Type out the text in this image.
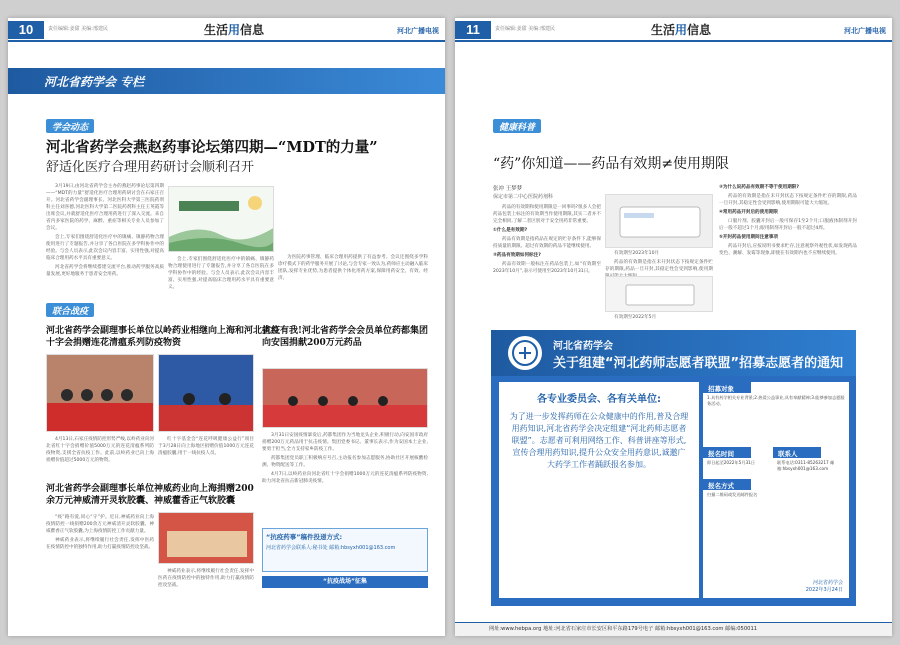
10	责任编辑:姜甜 美编:邢建民	生活用信息	河北广播电视
河北省药学会 专栏
学会动态
河北省药学会燕赵药事论坛第四期—“MDT的力量”
舒适化医疗合理用药研讨会顺利召开

3月19日,由河北省药学会主办的燕赵药事论坛第四期——“MDT的力量”舒适化医疗合理用药研讨会在石家庄召开。河北省药学会副理事长、河北医科大学第三医院药剂科主任刘喜德,河北医科大学第二医院药剂科主任王英霞等出席会议,并就舒适化医疗合理用药进行了深入交流。来自省内多家医院的药学、麻醉、重症等相关专业人员参加了会议。

会上,专家们围绕舒适化医疗中的镇痛、镇静药物合理使用进行了专题报告,并分享了各自医院在多学科协作中的经验。与会人员表示,此次会议内容丰富、实用性强,对提高临床合理用药水平具有重要意义。

河北省药学会将继续搭建交流平台,推动药学服务高质量发展,更好地服务于患者安全用药。

会上,专家们围绕舒适化医疗中的镇痛、镇静药物合理使用进行了专题报告,并分享了各自医院在多学科协作中的经验。与会人员表示,此次会议内容丰富、实用性强,对提高临床合理用药水平具有重要意义。

为医院药事管理、临床合理用药提供了有益参考。会议还围绕多学科诊疗模式下的药学服务开展了讨论,与会专家一致认为,药师应主动融入临床团队,发挥专业优势,为患者提供个体化用药方案,保障用药安全、有效、经济。

联合战疫
河北省药学会副理事长单位以岭药业相继向上海和河北省红十字会捐赠连花清瘟系列防疫物资

4月13日,石家庄疫情防控形势严峻,以岭药业向河北省红十字会捐赠价值5000万元的连花清瘟系列防疫物资,支援全省抗疫工作。此前,以岭药业已向上海捐赠价值超过5000万元的物资。

红十字基金会“连花呼吸健康公益行”项目于3月28日向上海地区捐赠价值1000万元连花清瘟胶囊,用于一线抗疫人员。

抗疫有我!河北省药学会会员单位药都集团向安国捐献200万元药品

3月31日安国疫情暴发后,药都集团作为当地龙头企业,积极行动,向安国市政府捐赠200万元药品用于抗击疫情。集团党委书记、董事长表示,作为安国本土企业,要勇于担当,全力支持家乡防疫工作。

药都集团党员职工积极响应号召,主动报名参加志愿服务,协助社区开展核酸检测、物资配送等工作。

4月7日,以岭药业向河北省红十字会捐赠1000万元的连花清瘟系列防疫物资,助力河北省抗击新冠肺炎疫情。

河北省药学会副理事长单位神威药业向上海捐赠200余万元神威清开灵软胶囊、神威藿香正气软胶囊

“疫”路有爱,同心“守”护。近日,神威药业向上海疫情防控一线捐赠200余万元神威清开灵软胶囊、神威藿香正气软胶囊,为上海疫情防控工作贡献力量。

神威药业表示,将继续履行社会责任,发挥中医药在疫情防控中的独特作用,助力打赢疫情防控攻坚战。

神威药业表示,将继续履行社会责任,发挥中医药在疫情防控中的独特作用,助力打赢疫情防控攻坚战。

“抗疫药事”稿件投递方式:
河北省药学会联系人:秘书处 邮箱:hbsyxh001@163.com
“抗疫战场”征集
11	责任编辑:姜甜 美编:邢建民	生活用信息	河北广播电视
健康科普
“药”你知道——药品有效期≠使用期限
张冲 王梦梦
保定市第二中心医院药剂科

药品的有效期和使用期限是一回事吗?很多人会把药品包装上标注的有效期当作使用期限,其实二者并不完全相同,了解二者区别对于安全用药非常重要。

①什么是有效期?

药品有效期是指药品在规定的贮存条件下,能够保持质量的期限。超过有效期的药品不能继续使用。

②药品有效期如何标注?

药品有效期一般标注在药品包装上,如“有效期至2023年10月”,表示可使用至2023年10月31日。

有效期至2023年10月

药品的有效期是指在未开封状态下按规定条件贮存的期限,药品一旦开封,其稳定性会受到影响,使用期

有效期至2022年5月

③为什么说药品有效期不等于使用期限?

药品的有效期是指在未开封状态下按规定条件贮存的期限,药品一旦开封,其稳定性会受到影响,使用期限可能大大缩短。

④常用药品开封后的使用期限

口服片剂、胶囊开封后一般可保存1至2个月;口服液体制剂开封后一般不超过1个月;眼用制剂开封后一般不超过4周。

⑤开封药品使用期间注意事项

药品开封后,应按说明书要求贮存,注意观察外观性状,如发现药品变色、潮解、发霉等现象,即使在有效期内也不应继续使用。

河北省药学会
关于组建“河北药师志愿者联盟”招募志愿者的通知
各专业委员会、各有关单位:
为了进一步发挥药师在公众健康中的作用,普及合理用药知识,河北省药学会决定组建“河北药师志愿者联盟”。志愿者可利用网络工作、科普讲座等形式,宣传合理用药知识,提升公众安全用药意识,诚邀广大药学工作者踊跃报名参加。
招募对象
1.具有药学相关专业背景;2.热爱公益事业,具有奉献精神;3.能够参加志愿服务活动。
报名时间
即日起至2022年5月31日
联系人
联系电话:0311-85263217 邮箱:hbsyxh001@163.com
报名方式
扫描二维码或发送邮件报名
河北省药学会
2022年3月24日
网址:www.hebpa.org 地址:河北省石家庄市长安区和平东路179号电子 邮箱:hbsyxh001@163.com 邮编:050011
